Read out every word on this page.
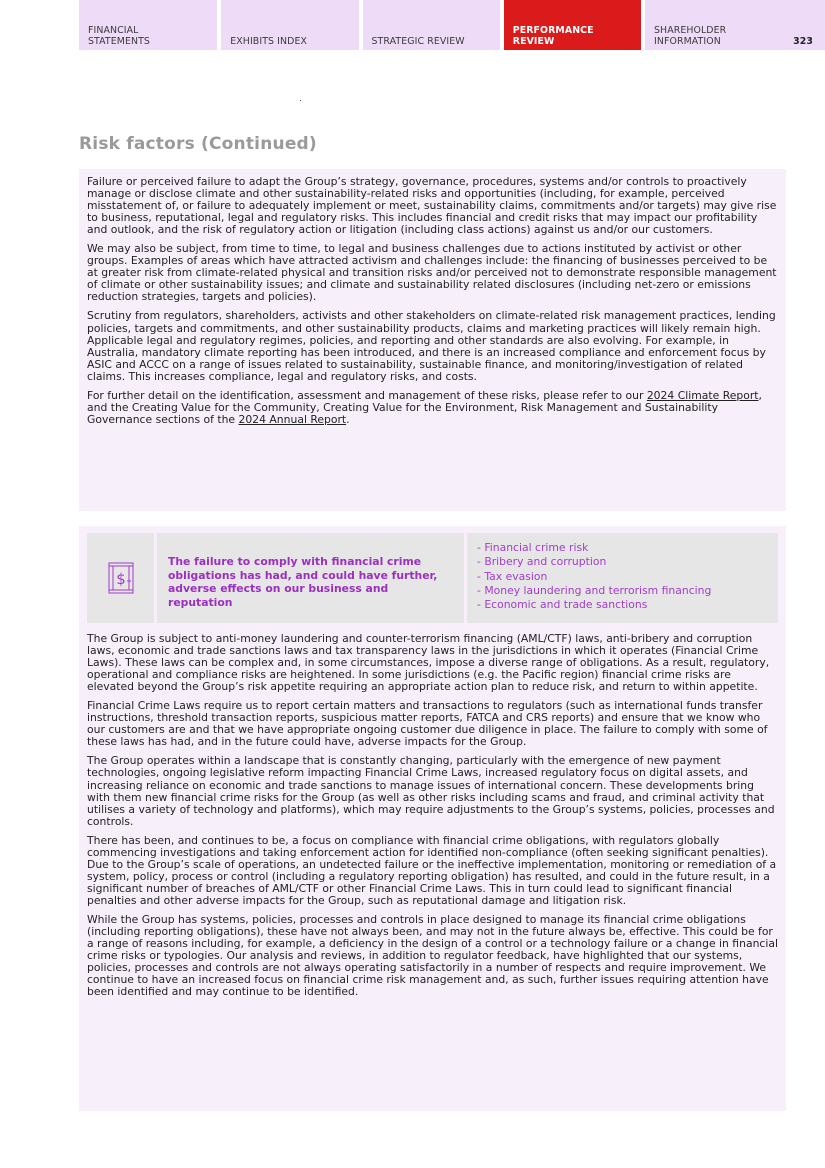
FINANCIAL
STATEMENTS	EXHIBITS INDEX	STRATEGIC REVIEW
PERFORMANCE
REVIEW
SHAREHOLDER
INFORMATION	323
Risk factors (Continued)

Failure or perceived failure to adapt the Group’s strategy, governance, procedures, systems and/or controls to proactively manage or disclose climate and other sustainability-related risks and opportunities (including, for example, perceived misstatement of, or failure to adequately implement or meet, sustainability claims, commitments and/or targets) may give rise to business, reputational, legal and regulatory risks. This includes financial and credit risks that may impact our profitability and outlook, and the risk of regulatory action or litigation (including class actions) against us and/or our customers.

We may also be subject, from time to time, to legal and business challenges due to actions instituted by activist or other groups. Examples of areas which have attracted activism and challenges include: the financing of businesses perceived to be at greater risk from climate-related physical and transition risks and/or perceived not to demonstrate responsible management of climate or other sustainability issues; and climate and sustainability related disclosures (including net-zero or emissions reduction strategies, targets and policies).

Scrutiny from regulators, shareholders, activists and other stakeholders on climate-related risk management practices, lending policies, targets and commitments, and other sustainability products, claims and marketing practices will likely remain high. Applicable legal and regulatory regimes, policies, and reporting and other standards are also evolving. For example, in Australia, mandatory climate reporting has been introduced, and there is an increased compliance and enforcement focus by ASIC and ACCC on a range of issues related to sustainability, sustainable finance, and monitoring/investigation of related claims. This increases compliance, legal and regulatory risks, and costs.

For further detail on the identification, assessment and management of these risks, please refer to our 2024 Climate Report, and the Creating Value for the Community, Creating Value for the Environment, Risk Management and Sustainability Governance sections of the 2024 Annual Report.

$
The failure to comply with financial crime obligations has had, and could have further, adverse effects on our business and reputation
- Financial crime risk
- Bribery and corruption
- Tax evasion
- Money laundering and terrorism financing
- Economic and trade sanctions

The Group is subject to anti-money laundering and counter-terrorism financing (AML/CTF) laws, anti-bribery and corruption laws, economic and trade sanctions laws and tax transparency laws in the jurisdictions in which it operates (Financial Crime Laws). These laws can be complex and, in some circumstances, impose a diverse range of obligations. As a result, regulatory, operational and compliance risks are heightened. In some jurisdictions (e.g. the Pacific region) financial crime risks are elevated beyond the Group’s risk appetite requiring an appropriate action plan to reduce risk, and return to within appetite.

Financial Crime Laws require us to report certain matters and transactions to regulators (such as international funds transfer instructions, threshold transaction reports, suspicious matter reports, FATCA and CRS reports) and ensure that we know who our customers are and that we have appropriate ongoing customer due diligence in place. The failure to comply with some of these laws has had, and in the future could have, adverse impacts for the Group.

The Group operates within a landscape that is constantly changing, particularly with the emergence of new payment technologies, ongoing legislative reform impacting Financial Crime Laws, increased regulatory focus on digital assets, and increasing reliance on economic and trade sanctions to manage issues of international concern. These developments bring with them new financial crime risks for the Group (as well as other risks including scams and fraud, and criminal activity that utilises a variety of technology and platforms), which may require adjustments to the Group’s systems, policies, processes and controls.

There has been, and continues to be, a focus on compliance with financial crime obligations, with regulators globally commencing investigations and taking enforcement action for identified non-compliance (often seeking significant penalties). Due to the Group’s scale of operations, an undetected failure or the ineffective implementation, monitoring or remediation of a system, policy, process or control (including a regulatory reporting obligation) has resulted, and could in the future result, in a significant number of breaches of AML/CTF or other Financial Crime Laws. This in turn could lead to significant financial penalties and other adverse impacts for the Group, such as reputational damage and litigation risk.

While the Group has systems, policies, processes and controls in place designed to manage its financial crime obligations (including reporting obligations), these have not always been, and may not in the future always be, effective. This could be for a range of reasons including, for example, a deficiency in the design of a control or a technology failure or a change in financial crime risks or typologies. Our analysis and reviews, in addition to regulator feedback, have highlighted that our systems, policies, processes and controls are not always operating satisfactorily in a number of respects and require improvement. We continue to have an increased focus on financial crime risk management and, as such, further issues requiring attention have been identified and may continue to be identified.
